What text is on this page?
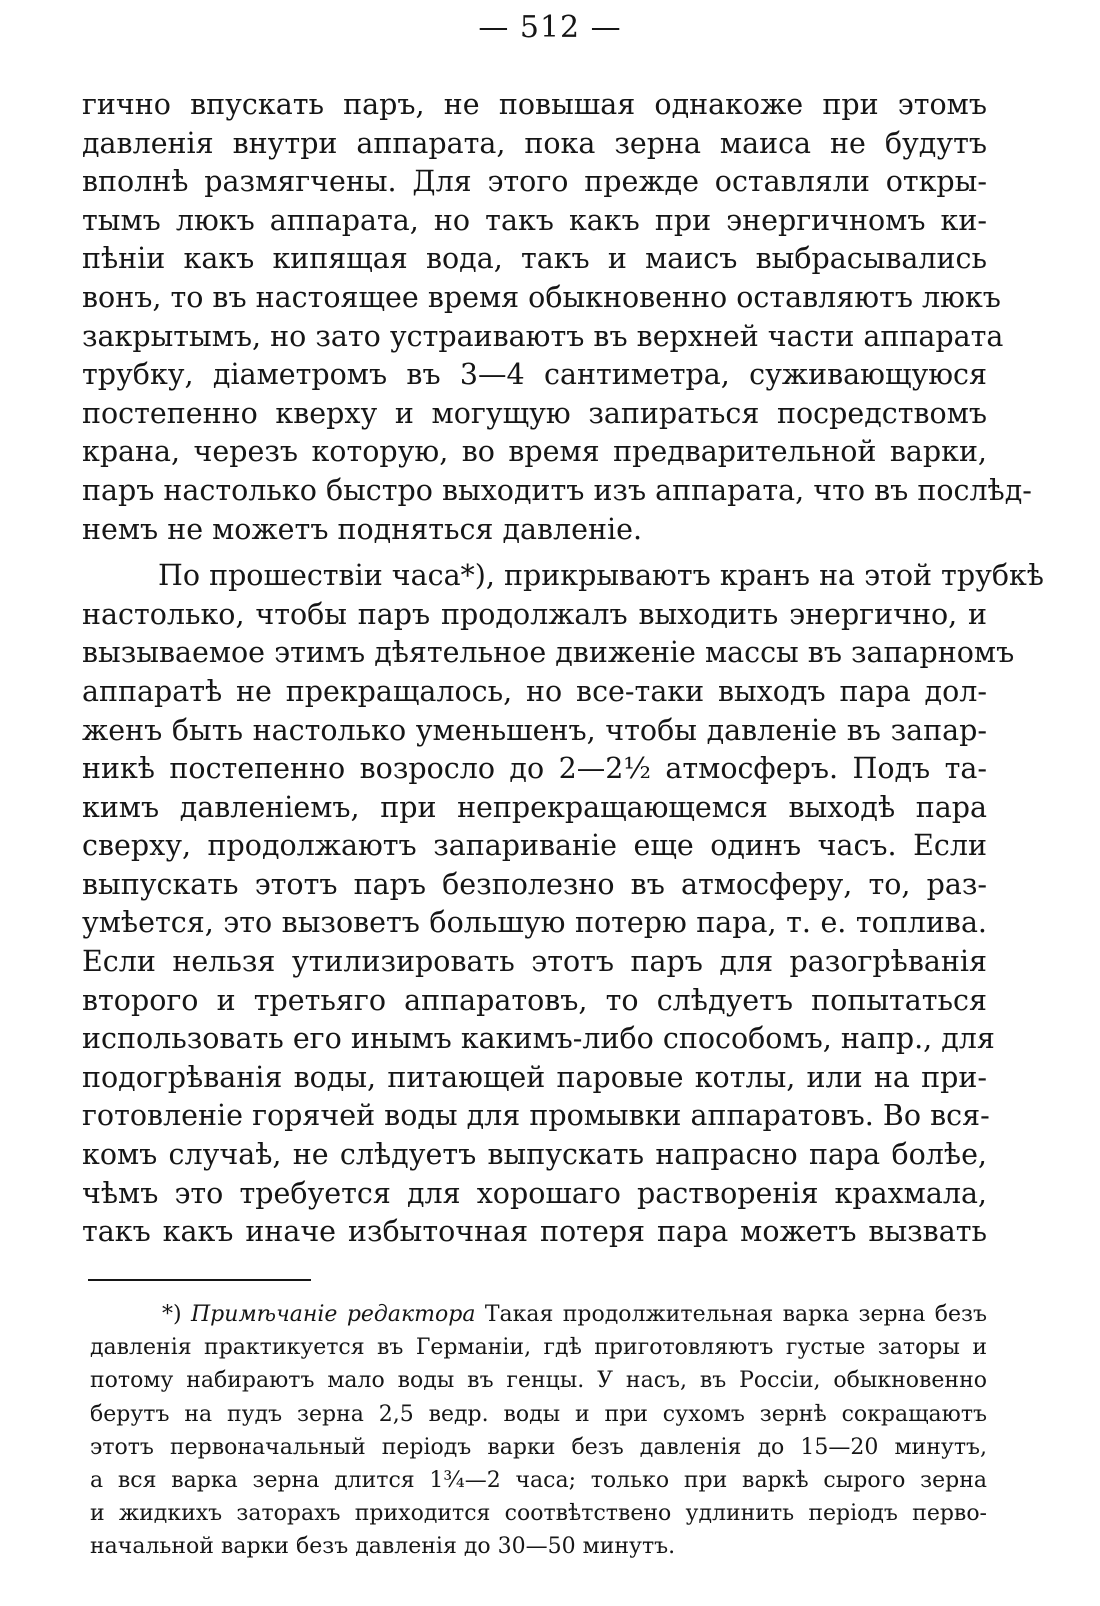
— 512 —
гично впускать паръ, не повышая однакоже при этомъ
давленія внутри аппарата, пока зерна маиса не будутъ
вполнѣ размягчены. Для этого прежде оставляли откры-
тымъ люкъ аппарата, но такъ какъ при энергичномъ ки-
пѣніи какъ кипящая вода, такъ и маисъ выбрасывались
вонъ, то въ настоящее время обыкновенно оставляютъ люкъ
закрытымъ, но зато устраиваютъ въ верхней части аппарата
трубку, діаметромъ въ 3—4 сантиметра, суживающуюся
постепенно кверху и могущую запираться посредствомъ
крана, черезъ которую, во время предварительной варки,
паръ настолько быстро выходитъ изъ аппарата, что въ послѣд-
немъ не можетъ подняться давленіе.
По прошествіи часа*), прикрываютъ кранъ на этой трубкѣ
настолько, чтобы паръ продолжалъ выходить энергично, и
вызываемое этимъ дѣятельное движеніе массы въ запарномъ
аппаратѣ не прекращалось, но все-таки выходъ пара дол-
женъ быть настолько уменьшенъ, чтобы давленіе въ запар-
никѣ постепенно возросло до 2—2½ атмосферъ. Подъ та-
кимъ давленіемъ, при непрекращающемся выходѣ пара
сверху, продолжаютъ запариваніе еще одинъ часъ. Если
выпускать этотъ паръ безполезно въ атмосферу, то, раз-
умѣется, это вызоветъ большую потерю пара, т. е. топлива.
Если нельзя утилизировать этотъ паръ для разогрѣванія
второго и третьяго аппаратовъ, то слѣдуетъ попытаться
использовать его инымъ какимъ-либо способомъ, напр., для
подогрѣванія воды, питающей паровые котлы, или на при-
готовленіе горячей воды для промывки аппаратовъ. Во вся-
комъ случаѣ, не слѣдуетъ выпускать напрасно пара болѣе,
чѣмъ это требуется для хорошаго растворенія крахмала,
такъ какъ иначе избыточная потеря пара можетъ вызвать
*) Примѣчаніе редактора Такая продолжительная варка зерна безъ
давленія практикуется въ Германіи, гдѣ приготовляютъ густые заторы и
потому набираютъ мало воды въ генцы. У насъ, въ Россіи, обыкновенно
берутъ на пудъ зерна 2,5 ведр. воды и при сухомъ зернѣ сокращаютъ
этотъ первоначальный періодъ варки безъ давленія до 15—20 минутъ,
а вся варка зерна длится 1¾—2 часа; только при варкѣ сырого зерна
и жидкихъ заторахъ приходится соотвѣтствено удлинить періодъ перво-
начальной варки безъ давленія до 30—50 минутъ.
